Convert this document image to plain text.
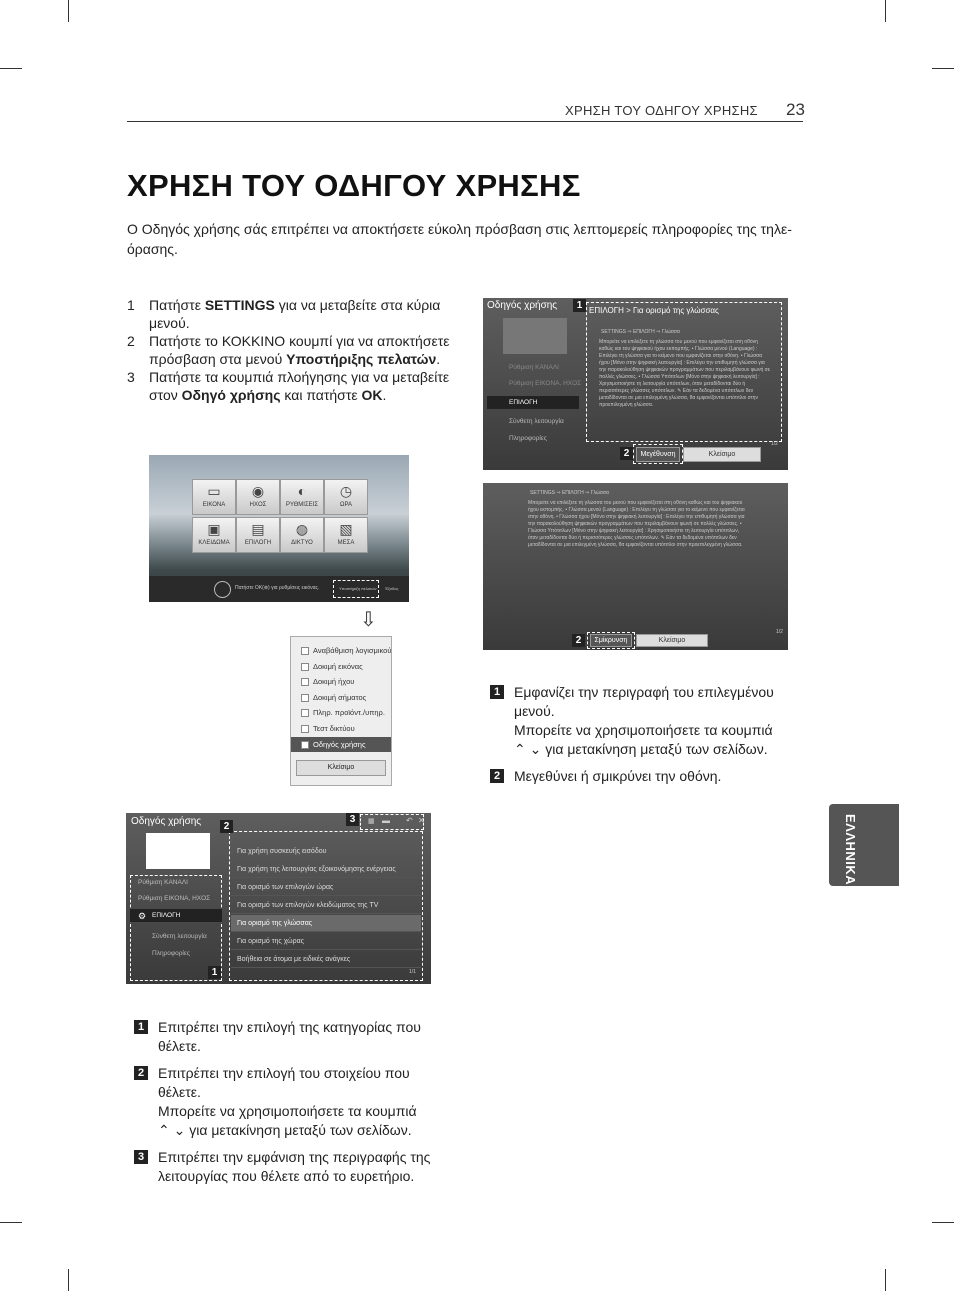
ΧΡΗΣΗ ΤΟΥ ΟΔΗΓΟΥ ΧΡΗΣΗΣ 23
ΧΡΗΣΗ ΤΟΥ ΟΔΗΓΟΥ ΧΡΗΣΗΣ
Ο Οδηγός χρήσης σάς επιτρέπει να αποκτήσετε εύκολη πρόσβαση στις λεπτομερείς πληροφορίες της τηλε-όρασης.
1	Πατήστε SETTINGS για να μεταβείτε στα κύρια μενού.
2	Πατήστε το ΚΟΚΚΙΝΟ κουμπί για να αποκτήσετε πρόσβαση στα μενού Υποστήριξης πελατών.
3	Πατήστε τα κουμπιά πλοήγησης για να μεταβείτε στον Οδηγό χρήσης και πατήστε OK.
▭
ΕΙΚΟΝΑ
◉
ΗΧΟΣ
◐
ΡΥΘΜΙΣΕΙΣ
◷
ΩΡΑ
▣
ΚΛΕΙΔΩΜΑ
▤
ΕΠΙΛΟΓΗ
◍
ΔΙΚΤΥΟ
▧
ΜΕΣΑ
Πατήστε OK(⊗) για ρυθμίσεις εικόνας.	Υποστήριξη πελατών Έξοδος
⇩
Αναβάθμιση λογισμικού
Δοκιμή εικόνας
Δοκιμή ήχου
Δοκιμή σήματος
Πληρ. προϊόντ./υπηρ.
Τεστ δικτύου
Οδηγός χρήσης
Κλείσιμο
Οδηγός χρήσης
Ρύθμιση ΚΑΝΑΛΙ
Ρύθμιση ΕΙΚΟΝΑ, ΗΧΟΣ
ΕΠΙΛΟΓΗ
⚙
Σύνθετη λειτουργία
Πληροφορίες
1
2
Για χρήση συσκευής εισόδου
Για χρήση της λειτουργίας εξοικονόμησης ενέργειας
Για ορισμό των επιλογών ώρας
Για ορισμό των επιλογών κλειδώματος της TV
Για ορισμό της γλώσσας
Για ορισμό της χώρας
Βοήθεια σε άτομα με ειδικές ανάγκες
1/1
3	▦ ▬ ↶ ✕
1 Επιτρέπει την επιλογή της κατηγορίας που θέλετε.
2 Επιτρέπει την επιλογή του στοιχείου που θέλετε.
Μπορείτε να χρησιμοποιήσετε τα κουμπιά
⌃ ⌄ για μετακίνηση μεταξύ των σελίδων.
3 Επιτρέπει την εμφάνιση της περιγραφής της λειτουργίας που θέλετε από το ευρετήριο.
Οδηγός χρήσης
Ρύθμιση ΚΑΝΑΛΙ
Ρύθμιση ΕΙΚΟΝΑ, ΗΧΟΣ
ΕΠΙΛΟΓΗ
Σύνθετη λειτουργία
Πληροφορίες
1 ΕΠΙΛΟΓΗ > Για ορισμό της γλώσσας
SETTINGS ⇒ ΕΠΙΛΟΓΗ ⇒ Γλώσσα
Μπορείτε να επιλέξετε τη γλώσσα του μενού που εμφανίζεται στη οθόνη καθώς και του ψηφιακού ήχου εκπομπής. • Γλώσσα μενού (Language) : Επιλέγει τη γλώσσα για το κείμενο που εμφανίζεται στην οθόνη. • Γλώσσα ήχου [Μόνο στην ψηφιακή λειτουργία] : Επιλέγει την επιθυμητή γλώσσα για την παρακολούθηση ψηφιακών προγραμμάτων που περιλαμβάνουν φωνή σε πολλές γλώσσες. • Γλώσσα Υπότιτλων [Μόνο στην ψηφιακή λειτουργία] : Χρησιμοποιήστε τη λειτουργία υπότιτλων, όταν μεταδίδονται δύο ή περισσότερες γλώσσες υπότιτλων. ✎ Εάν τα δεδομένα υπότιτλων δεν μεταδίδονται σε μια επιλεγμένη γλώσσα, θα εμφανίζονται υπότιτλοι στην προεπιλεγμένη γλώσσα.
2	Μεγέθυνση	Κλείσιμο
1/2
SETTINGS ⇒ ΕΠΙΛΟΓΗ ⇒ Γλώσσα
Μπορείτε να επιλέξετε τη γλώσσα του μενού που εμφανίζεται στη οθόνη καθώς και του ψηφιακού ήχου εκπομπής. • Γλώσσα μενού (Language) : Επιλέγει τη γλώσσα για το κείμενο που εμφανίζεται στην οθόνη. • Γλώσσα ήχου [Μόνο στην ψηφιακή λειτουργία] : Επιλέγει την επιθυμητή γλώσσα για την παρακολούθηση ψηφιακών προγραμμάτων που περιλαμβάνουν φωνή σε πολλές γλώσσες. • Γλώσσα Υπότιτλων [Μόνο στην ψηφιακή λειτουργία] : Χρησιμοποιήστε τη λειτουργία υπότιτλων, όταν μεταδίδονται δύο ή περισσότερες γλώσσες υπότιτλων. ✎ Εάν τα δεδομένα υπότιτλων δεν μεταδίδονται σε μια επιλεγμένη γλώσσα, θα εμφανίζονται υπότιτλοι στην προεπιλεγμένη γλώσσα.
2	Σμίκρυνση	Κλείσιμο
1/2
1 Εμφανίζει την περιγραφή του επιλεγμένου μενού.
Μπορείτε να χρησιμοποιήσετε τα κουμπιά
⌃ ⌄ για μετακίνηση μεταξύ των σελίδων.
2 Μεγεθύνει ή σμικρύνει την οθόνη.
ΕΛΛΗΝΙΚΑ
